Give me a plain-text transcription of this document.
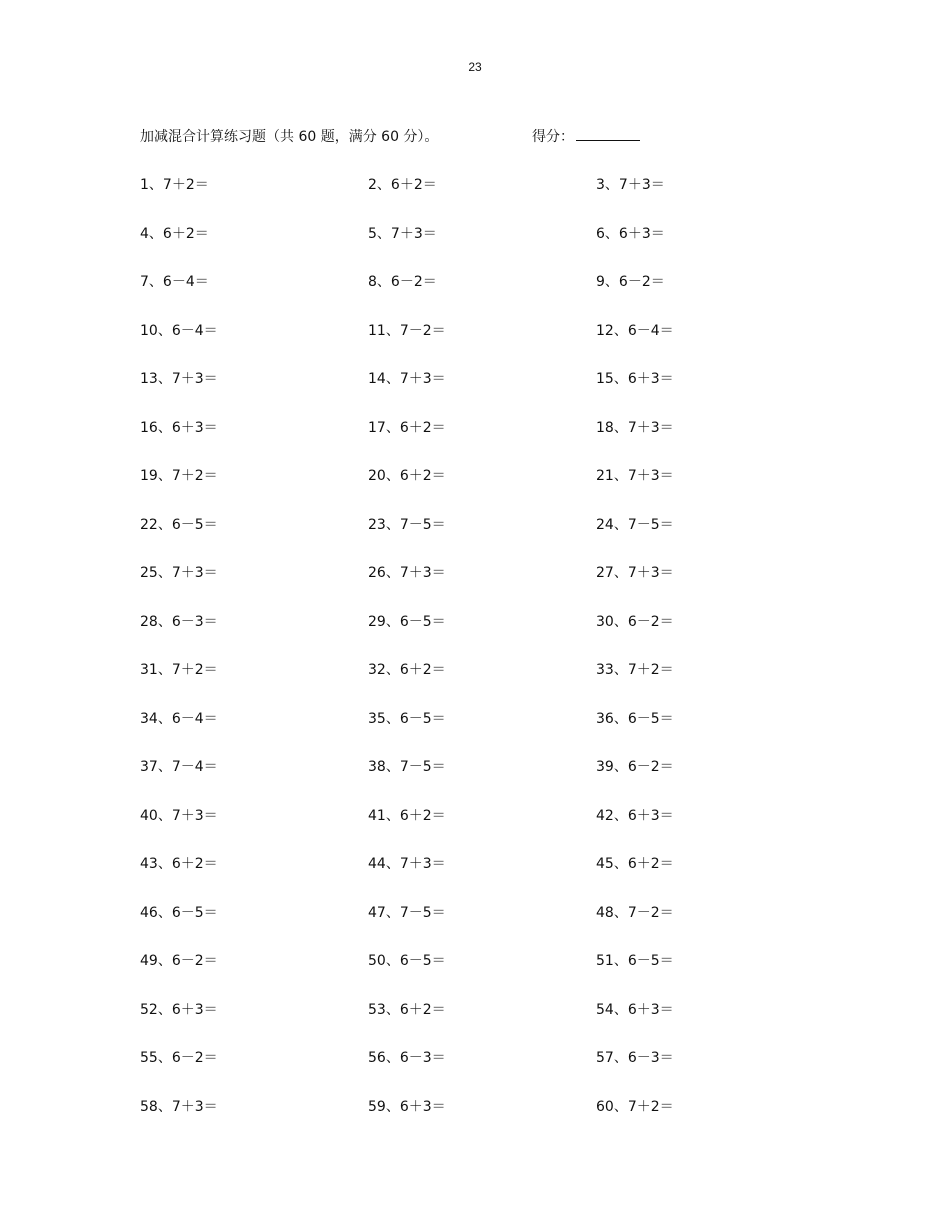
23
加减混合计算练习题（共 60 题，满分 60 分）。	得分：
1、7＋2＝	2、6＋2＝	3、7＋3＝
4、6＋2＝	5、7＋3＝	6、6＋3＝
7、6－4＝	8、6－2＝	9、6－2＝
10、6－4＝	11、7－2＝	12、6－4＝
13、7＋3＝	14、7＋3＝	15、6＋3＝
16、6＋3＝	17、6＋2＝	18、7＋3＝
19、7＋2＝	20、6＋2＝	21、7＋3＝
22、6－5＝	23、7－5＝	24、7－5＝
25、7＋3＝	26、7＋3＝	27、7＋3＝
28、6－3＝	29、6－5＝	30、6－2＝
31、7＋2＝	32、6＋2＝	33、7＋2＝
34、6－4＝	35、6－5＝	36、6－5＝
37、7－4＝	38、7－5＝	39、6－2＝
40、7＋3＝	41、6＋2＝	42、6＋3＝
43、6＋2＝	44、7＋3＝	45、6＋2＝
46、6－5＝	47、7－5＝	48、7－2＝
49、6－2＝	50、6－5＝	51、6－5＝
52、6＋3＝	53、6＋2＝	54、6＋3＝
55、6－2＝	56、6－3＝	57、6－3＝
58、7＋3＝	59、6＋3＝	60、7＋2＝
